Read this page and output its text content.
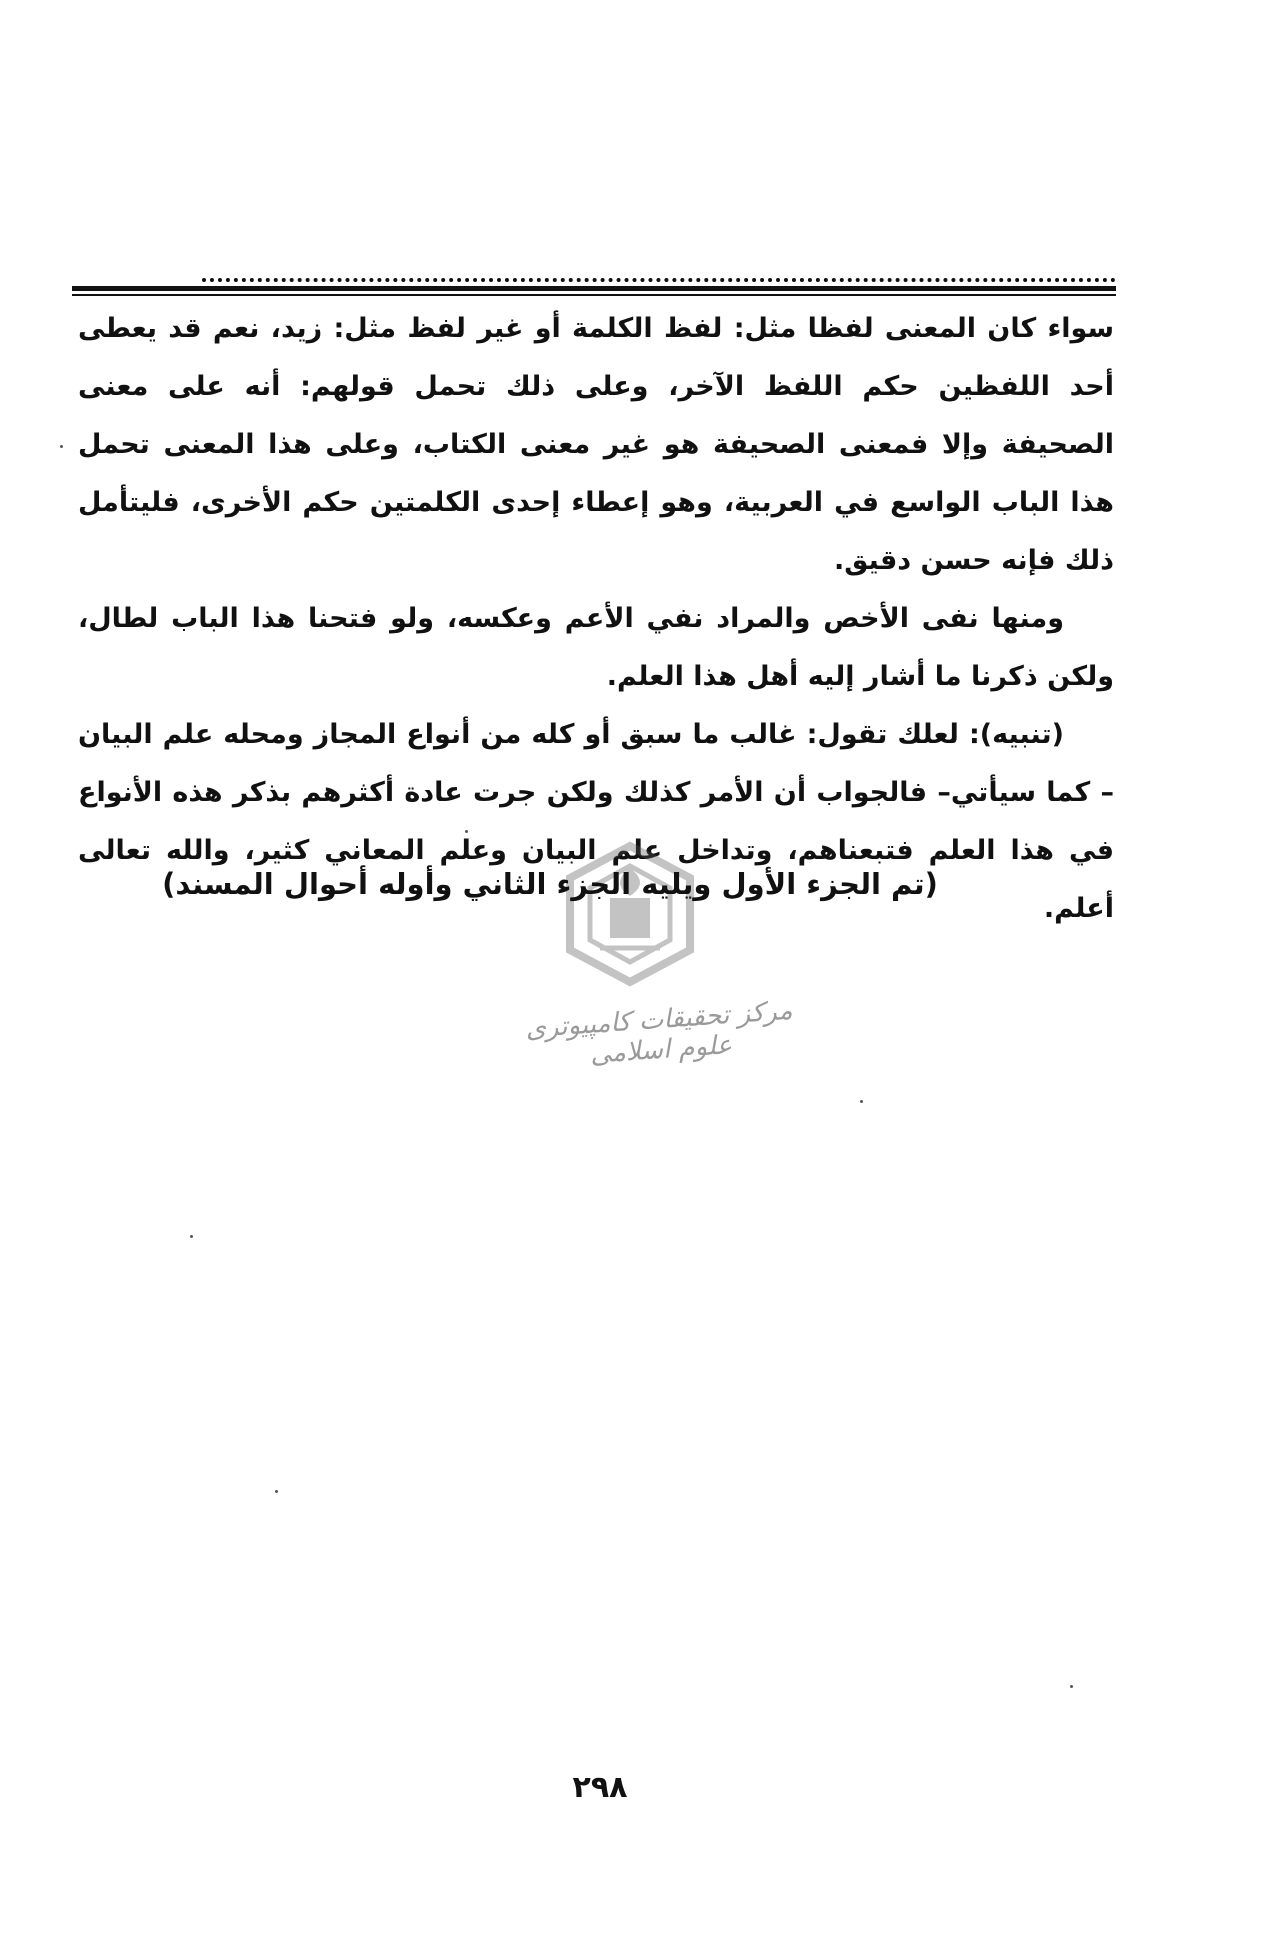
سواء كان المعنى لفظا مثل: لفظ الكلمة أو غير لفظ مثل: زيد، نعم قد يعطى أحد اللفظين حكم اللفظ الآخر، وعلى ذلك تحمل قولهم: أنه على معنى الصحيفة وإلا فمعنى الصحيفة هو غير معنى الكتاب، وعلى هذا المعنى تحمل هذا الباب الواسع في العربية، وهو إعطاء إحدى الكلمتين حكم الأخرى، فليتأمل ذلك فإنه حسن دقيق.

ومنها نفى الأخص والمراد نفي الأعم وعكسه، ولو فتحنا هذا الباب لطال، ولكن ذكرنا ما أشار إليه أهل هذا العلم.

(تنبيه): لعلك تقول: غالب ما سبق أو كله من أنواع المجاز ومحله علم البيان – كما سيأتي– فالجواب أن الأمر كذلك ولكن جرت عادة أكثرهم بذكر هذه الأنواع في هذا العلم فتبعناهم، وتداخل علم البيان وعلم المعاني كثير، والله تعالى أعلم.

(تم الجزء الأول ويليه الجزء الثاني وأوله أحوال المسند)
مرکز تحقیقات کامپیوتری علوم اسلامی
٢٩٨
